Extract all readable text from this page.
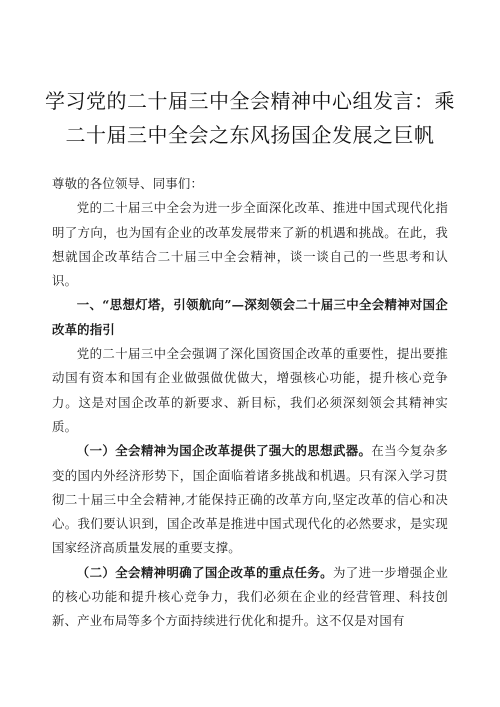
学习党的二十届三中全会精神中心组发言：乘
二十届三中全会之东风扬国企发展之巨帆

尊敬的各位领导、同事们：

党的二十届三中全会为进一步全面深化改革、推进中国式现代化指明了方向，也为国有企业的改革发展带来了新的机遇和挑战。在此，我想就国企改革结合二十届三中全会精神，谈一谈自己的一些思考和认识。

一、“思想灯塔，引领航向”—深刻领会二十届三中全会精神对国企改革的指引

党的二十届三中全会强调了深化国资国企改革的重要性，提出要推动国有资本和国有企业做强做优做大，增强核心功能，提升核心竞争力。这是对国企改革的新要求、新目标，我们必须深刻领会其精神实质。

（一）全会精神为国企改革提供了强大的思想武器。在当今复杂多变的国内外经济形势下，国企面临着诸多挑战和机遇。只有深入学习贯彻二十届三中全会精神,才能保持正确的改革方向,坚定改革的信心和决心。我们要认识到，国企改革是推进中国式现代化的必然要求，是实现国家经济高质量发展的重要支撑。

（二）全会精神明确了国企改革的重点任务。为了进一步增强企业的核心功能和提升核心竞争力，我们必须在企业的经营管理、科技创新、产业布局等多个方面持续进行优化和提升。这不仅是对国有
